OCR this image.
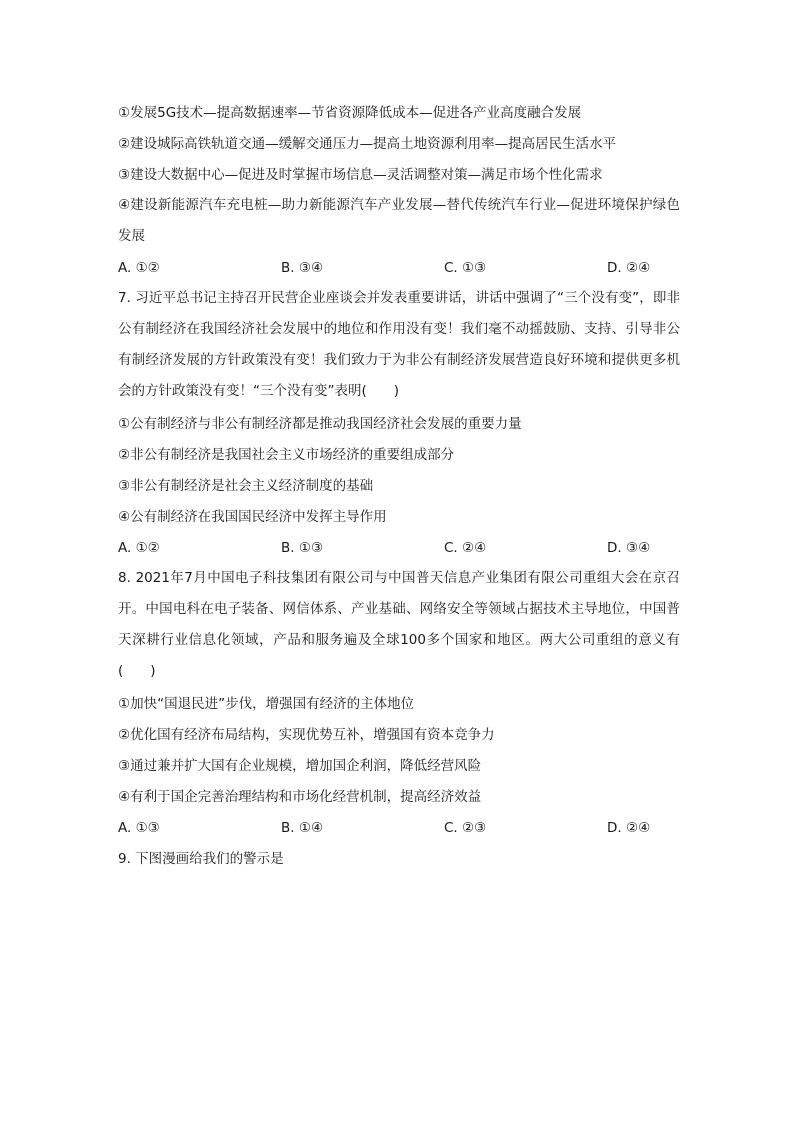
①发展5G技术—提高数据速率—节省资源降低成本—促进各产业高度融合发展
②建设城际高铁轨道交通—缓解交通压力—提高土地资源利用率—提高居民生活水平
③建设大数据中心—促进及时掌握市场信息—灵活调整对策—满足市场个性化需求
④建设新能源汽车充电桩—助力新能源汽车产业发展—替代传统汽车行业—促进环境保护绿色发展
A. ①②	B. ③④	C. ①③	D. ②④
7. 习近平总书记主持召开民营企业座谈会并发表重要讲话，讲话中强调了“三个没有变”，即非公有制经济在我国经济社会发展中的地位和作用没有变！我们毫不动摇鼓励、支持、引导非公有制经济发展的方针政策没有变！我们致力于为非公有制经济发展营造良好环境和提供更多机会的方针政策没有变！“三个没有变”表明(　　)
①公有制经济与非公有制经济都是推动我国经济社会发展的重要力量
②非公有制经济是我国社会主义市场经济的重要组成部分
③非公有制经济是社会主义经济制度的基础
④公有制经济在我国国民经济中发挥主导作用
A. ①②	B. ①③	C. ②④	D. ③④
8. 2021年7月中国电子科技集团有限公司与中国普天信息产业集团有限公司重组大会在京召开。中国电科在电子装备、网信体系、产业基础、网络安全等领域占据技术主导地位，中国普天深耕行业信息化领域，产品和服务遍及全球100多个国家和地区。两大公司重组的意义有(　　)
①加快“国退民进”步伐，增强国有经济的主体地位
②优化国有经济布局结构，实现优势互补，增强国有资本竞争力
③通过兼并扩大国有企业规模，增加国企利润，降低经营风险
④有利于国企完善治理结构和市场化经营机制，提高经济效益
A. ①③	B. ①④	C. ②③	D. ②④
9. 下图漫画给我们的警示是
